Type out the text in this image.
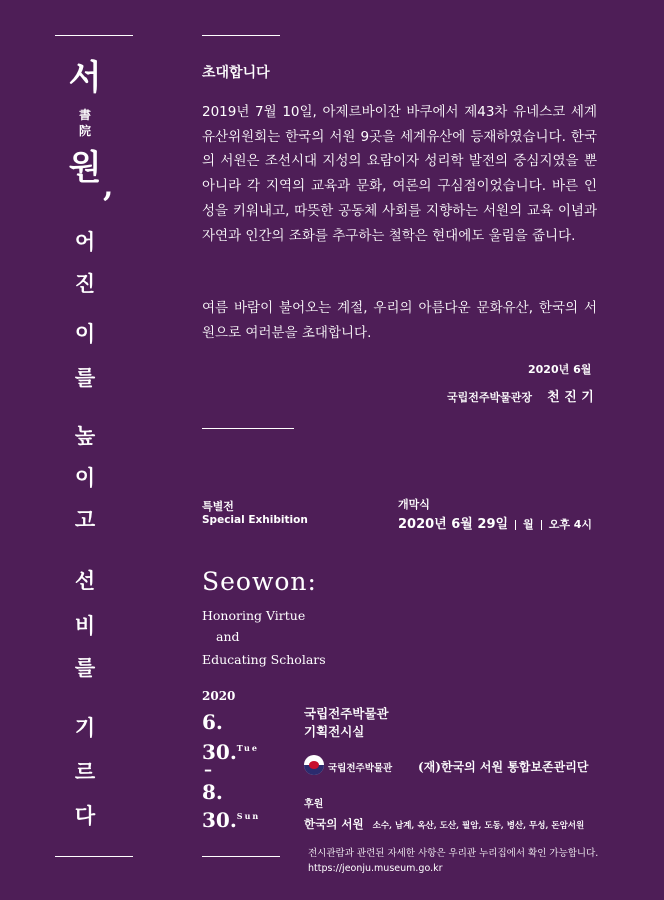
서
書
院
원 ,
어
진
이
를
높
이
고
선
비
를
기
르
다
초대합니다

2019년 7월 10일, 아제르바이잔 바쿠에서 제43차 유네스코 세계유산위원회는 한국의 서원 9곳을 세계유산에 등재하였습니다. 한국의 서원은 조선시대 지성의 요람이자 성리학 발전의 중심지였을 뿐 아니라 각 지역의 교육과 문화, 여론의 구심점이었습니다. 바른 인성을 키워내고, 따뜻한 공동체 사회를 지향하는 서원의 교육 이념과 자연과 인간의 조화를 추구하는 철학은 현대에도 울림을 줍니다.

여름 바람이 불어오는 계절, 우리의 아름다운 문화유산, 한국의 서원으로 여러분을 초대합니다.

2020년 6월
국립전주박물관장 천 진 기
특별전
Special Exhibition
개막식
2020년 6월 29일 월 오후 4시
Seowon:
Honoring Virtue
and
Educating Scholars
2020
6.
30.$^{Tue}$
–
8.
30.$^{Sun}$
국립전주박물관
기획전시실
국립전주박물관 (재)한국의 서원 통합보존관리단
후원
한국의 서원 소수, 남계, 옥산, 도산, 필암, 도동, 병산, 무성, 돈암서원
전시관람과 관련된 자세한 사항은 우리관 누리집에서 확인 가능합니다.
https://jeonju.museum.go.kr
